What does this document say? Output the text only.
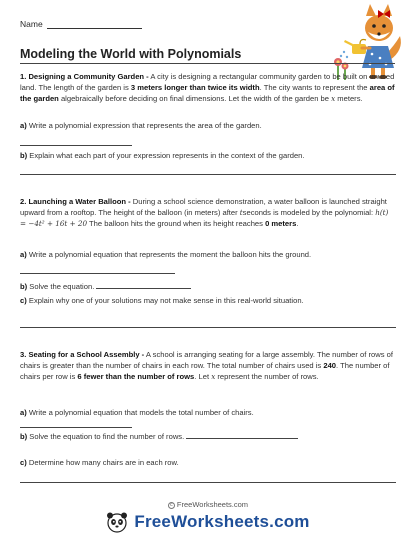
Name
Modeling the World with Polynomials
1. Designing a Community Garden - A city is designing a rectangular community garden to be built on unused land. The length of the garden is 3 meters longer than twice its width. The city wants to represent the area of the garden algebraically before deciding on final dimensions. Let the width of the garden be x meters.
a) Write a polynomial expression that represents the area of the garden.
b) Explain what each part of your expression represents in the context of the garden.
2. Launching a Water Balloon - During a school science demonstration, a water balloon is launched straight upward from a rooftop. The height of the balloon (in meters) after tseconds is modeled by the polynomial: h(t) = −4t² + 16t + 20 The balloon hits the ground when its height reaches 0 meters.
a) Write a polynomial equation that represents the moment the balloon hits the ground.
b) Solve the equation.
c) Explain why one of your solutions may not make sense in this real-world situation.
3. Seating for a School Assembly - A school is arranging seating for a large assembly. The number of rows of chairs is greater than the number of chairs in each row. The total number of chairs used is 240. The number of chairs per row is 6 fewer than the number of rows. Let x represent the number of rows.
a) Write a polynomial equation that models the total number of chairs.
b) Solve the equation to find the number of rows.
c) Determine how many chairs are in each row.
c FreeWorksheets.com
FreeWorksheets.com
